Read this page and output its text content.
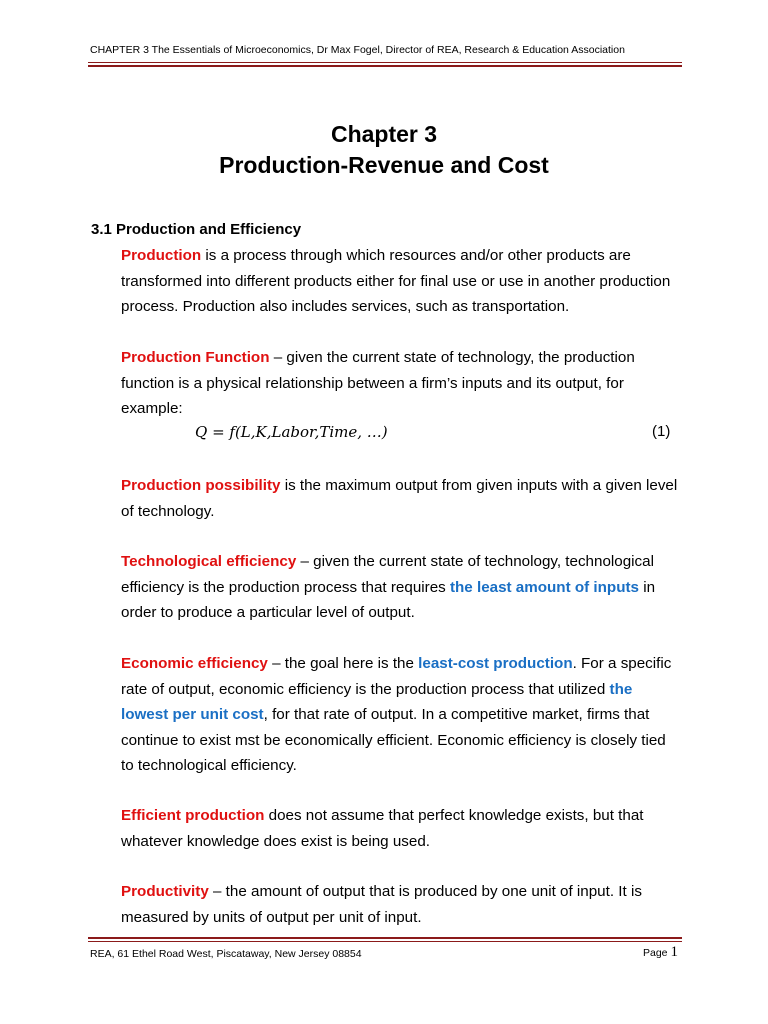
CHAPTER 3 The Essentials of Microeconomics, Dr Max Fogel, Director of REA, Research & Education Association
Chapter 3
Production-Revenue and Cost
3.1 Production and Efficiency
Production is a process through which resources and/or other products are transformed into different products either for final use or use in another production process. Production also includes services, such as transportation.
Production Function – given the current state of technology, the production function is a physical relationship between a firm’s inputs and its output, for example:
Q = f(L,K,Labor,Time, …)	(1)
Production possibility is the maximum output from given inputs with a given level of technology.
Technological efficiency – given the current state of technology, technological efficiency is the production process that requires the least amount of inputs in order to produce a particular level of output.
Economic efficiency – the goal here is the least-cost production. For a specific rate of output, economic efficiency is the production process that utilized the lowest per unit cost, for that rate of output. In a competitive market, firms that continue to exist mst be economically efficient. Economic efficiency is closely tied to technological efficiency.
Efficient production does not assume that perfect knowledge exists, but that whatever knowledge does exist is being used.
Productivity – the amount of output that is produced by one unit of input. It is measured by units of output per unit of input.
REA, 61 Ethel Road West, Piscataway, New Jersey 08854	Page 1
